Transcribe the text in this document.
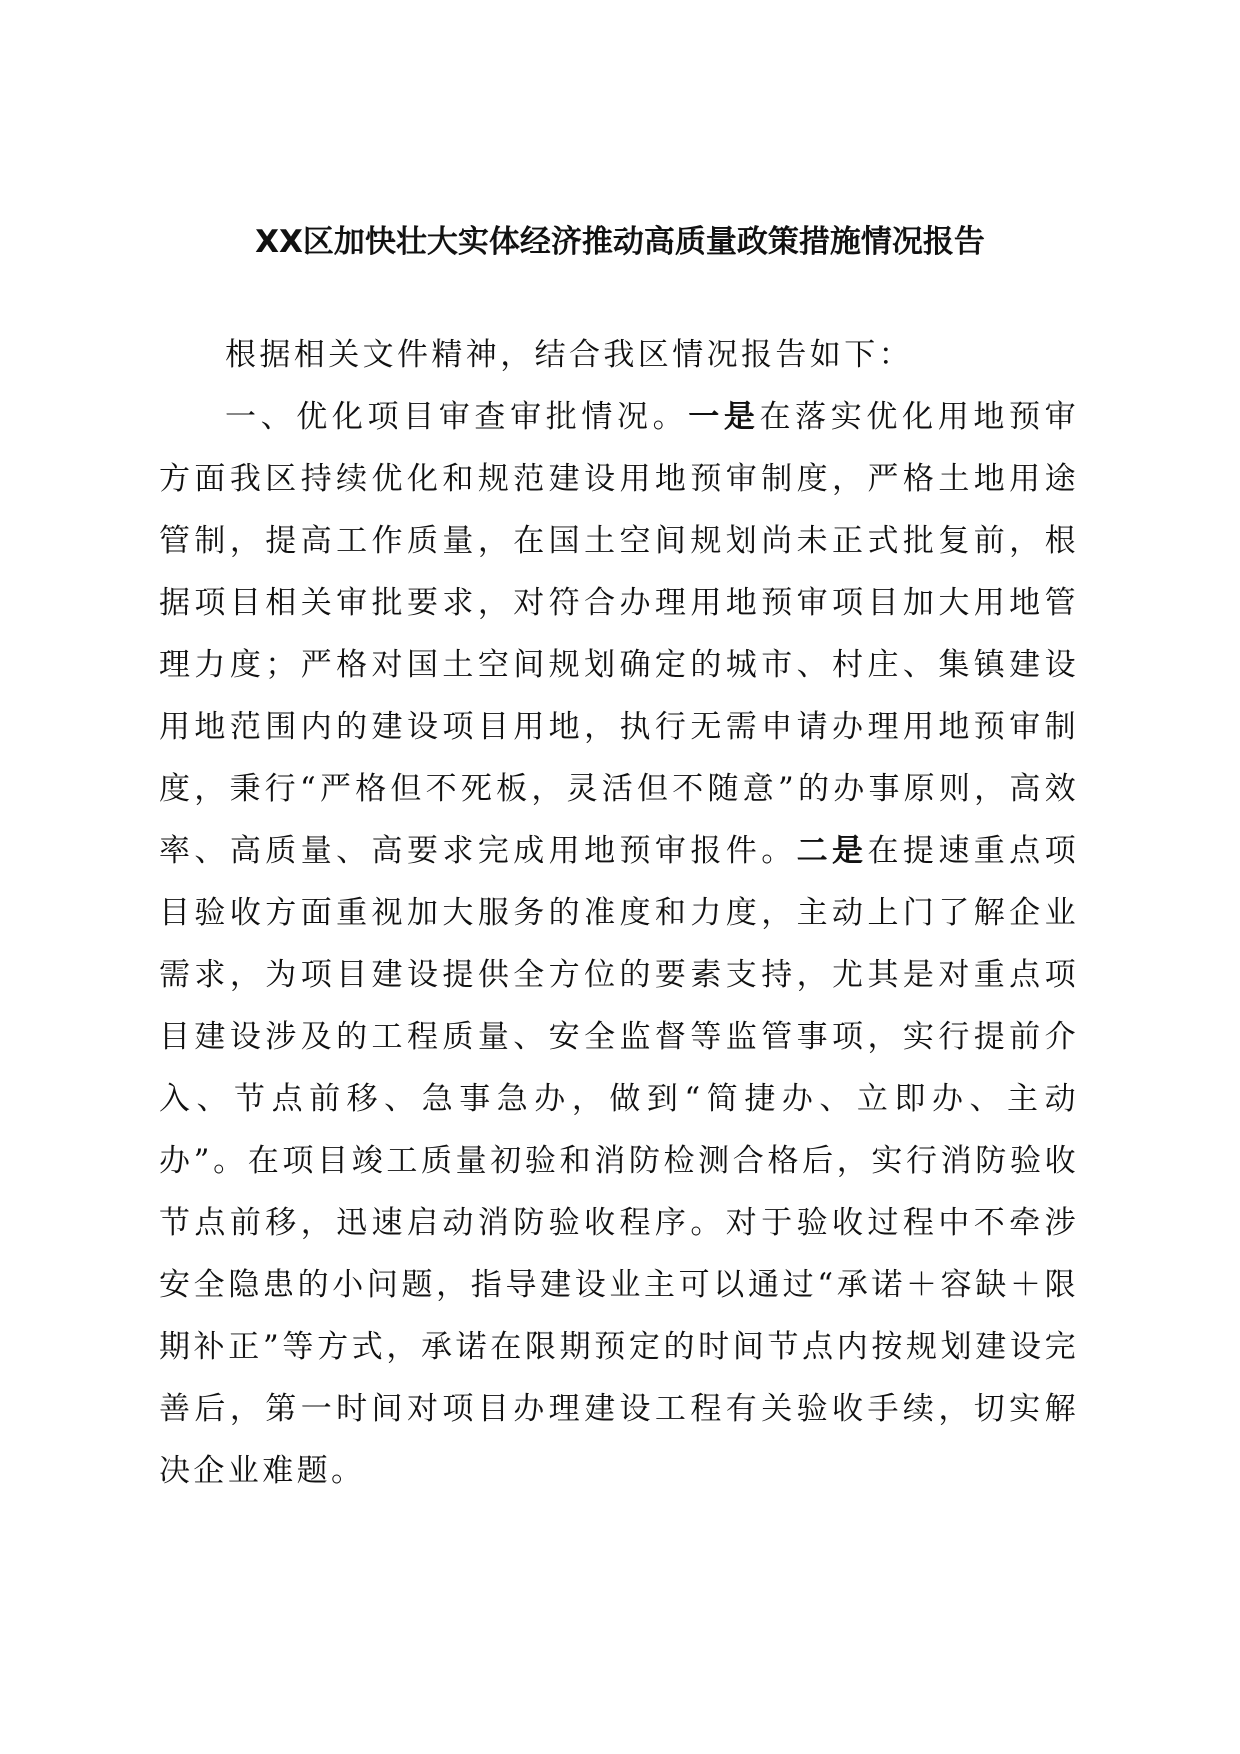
XX区加快壮大实体经济推动高质量政策措施情况报告

根据相关文件精神，结合我区情况报告如下：

一、优化项目审查审批情况。一是在落实优化用地预审方面我区持续优化和规范建设用地预审制度，严格土地用途管制，提高工作质量，在国土空间规划尚未正式批复前，根据项目相关审批要求，对符合办理用地预审项目加大用地管理力度；严格对国土空间规划确定的城市、村庄、集镇建设用地范围内的建设项目用地，执行无需申请办理用地预审制度，秉行“严格但不死板，灵活但不随意”的办事原则，高效率、高质量、高要求完成用地预审报件。二是在提速重点项目验收方面重视加大服务的准度和力度，主动上门了解企业需求，为项目建设提供全方位的要素支持，尤其是对重点项目建设涉及的工程质量、安全监督等监管事项，实行提前介入、节点前移、急事急办，做到“简捷办、立即办、主动办”。在项目竣工质量初验和消防检测合格后，实行消防验收节点前移，迅速启动消防验收程序。对于验收过程中不牵涉安全隐患的小问题，指导建设业主可以通过“承诺＋容缺＋限期补正”等方式，承诺在限期预定的时间节点内按规划建设完善后，第一时间对项目办理建设工程有关验收手续，切实解决企业难题。
